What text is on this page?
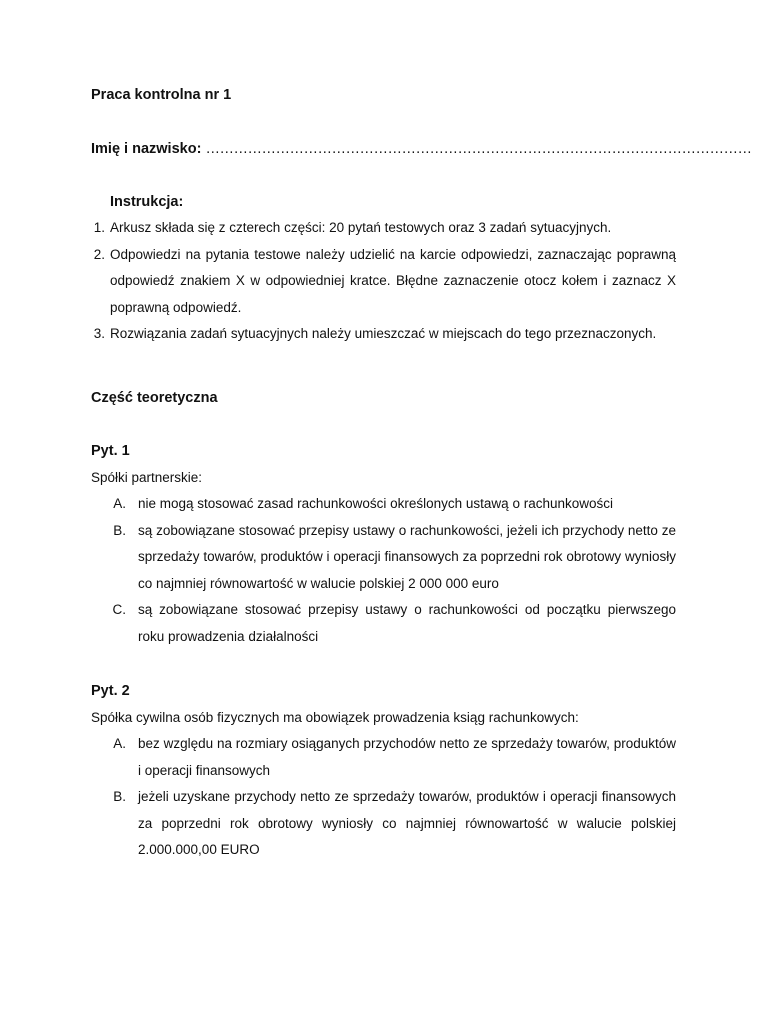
Praca kontrolna nr 1
Imię i nazwisko: ………………………………………………………………………………………………………
Instrukcja:
1. Arkusz składa się z czterech części: 20 pytań testowych oraz 3 zadań sytuacyjnych.
2. Odpowiedzi na pytania testowe należy udzielić na karcie odpowiedzi, zaznaczając poprawną odpowiedź znakiem X w odpowiedniej kratce. Błędne zaznaczenie otocz kołem i zaznacz X poprawną odpowiedź.
3. Rozwiązania zadań sytuacyjnych należy umieszczać w miejscach do tego przeznaczonych.
Część teoretyczna
Pyt. 1
Spółki partnerskie:
A. nie mogą stosować zasad rachunkowości określonych ustawą o rachunkowości
B. są zobowiązane stosować przepisy ustawy o rachunkowości, jeżeli ich przychody netto ze sprzedaży towarów, produktów i operacji finansowych za poprzedni rok obrotowy wyniosły co najmniej równowartość w walucie polskiej 2 000 000 euro
C. są zobowiązane stosować przepisy ustawy o rachunkowości od początku pierwszego roku prowadzenia działalności
Pyt. 2
Spółka cywilna osób fizycznych ma obowiązek prowadzenia ksiąg rachunkowych:
A. bez względu na rozmiary osiąganych przychodów netto ze sprzedaży towarów, produktów i operacji finansowych
B. jeżeli uzyskane przychody netto ze sprzedaży towarów, produktów i operacji finansowych za poprzedni rok obrotowy wyniosły co najmniej równowartość w walucie polskiej 2.000.000,00 EURO
